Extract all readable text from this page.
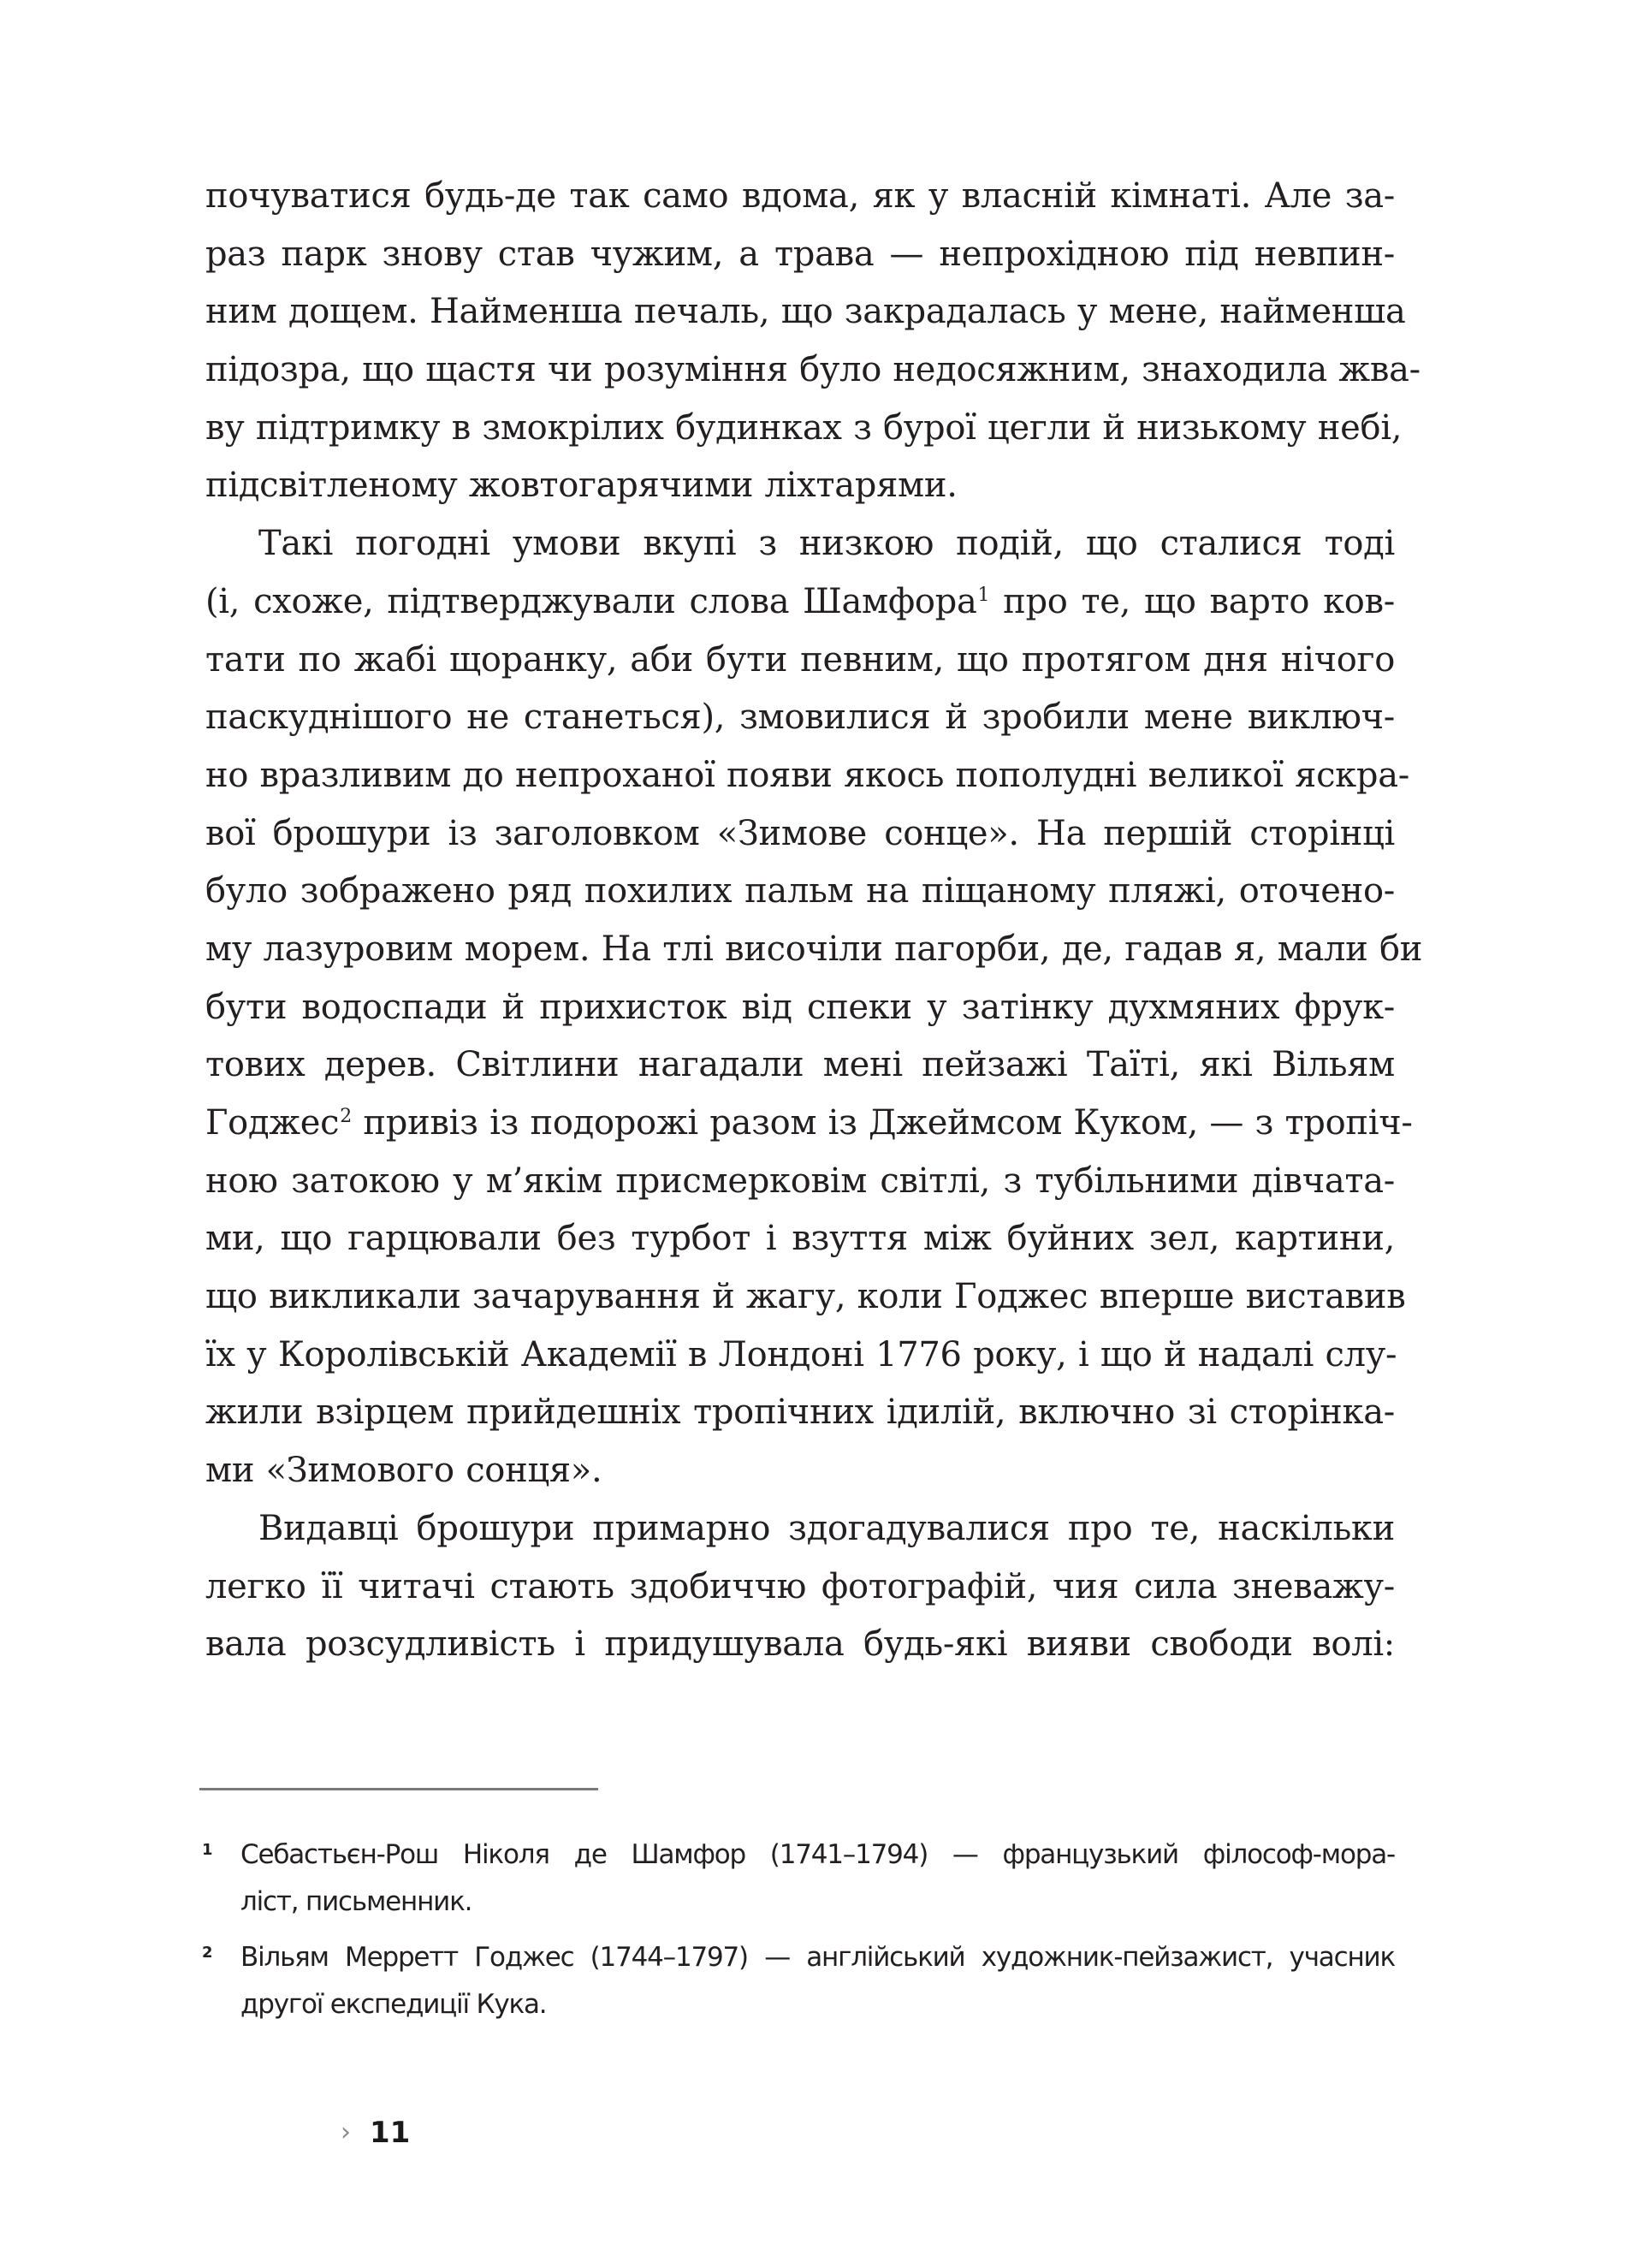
почуватися будь-де так само вдома, як у власній кімнаті. Але за-
раз парк знову став чужим, а трава — непрохідною під невпин-
ним дощем. Найменша печаль, що закрадалась у мене, найменша
підозра, що щастя чи розуміння було недосяжним, знаходила жва-
ву підтримку в змокрілих будинках з бурої цегли й низькому небі,
підсвітленому жовтогарячими ліхтарями.
Такі погодні умови вкупі з низкою подій, що сталися тоді
(і, схоже, підтверджували слова Шамфора$^1$ про те, що варто ков-
тати по жабі щоранку, аби бути певним, що протягом дня нічого
паскуднішого не станеться), змовилися й зробили мене виключ-
но вразливим до непроханої появи якось пополудні великої яскра-
вої брошури із заголовком «Зимове сонце». На першій сторінці
було зображено ряд похилих пальм на піщаному пляжі, оточено-
му лазуровим морем. На тлі височіли пагорби, де, гадав я, мали би
бути водоспади й прихисток від спеки у затінку духмяних фрук-
тових дерев. Світлини нагадали мені пейзажі Таїті, які Вільям
Годжес$^2$ привіз із подорожі разом із Джеймсом Куком, — з тропіч-
ною затокою у м’якім присмерковім світлі, з тубільними дівчата-
ми, що гарцювали без турбот і взуття між буйних зел, картини,
що викликали зачарування й жагу, коли Годжес вперше виставив
їх у Королівській Академії в Лондоні 1776 року, і що й надалі слу-
жили взірцем прийдешніх тропічних ідилій, включно зі сторінка-
ми «Зимового сонця».
Видавці брошури примарно здогадувалися про те, наскільки
легко її читачі стають здобиччю фотографій, чия сила зневажу-
вала розсудливість і придушувала будь-які вияви свободи волі:
1 Себастьєн-Рош Ніколя де Шамфор (1741–1794) — французький філософ-мора-
ліст, письменник.
2 Вільям Мерретт Годжес (1744–1797) — англійський художник-пейзажист, учасник
другої експедиції Кука.
› 11
